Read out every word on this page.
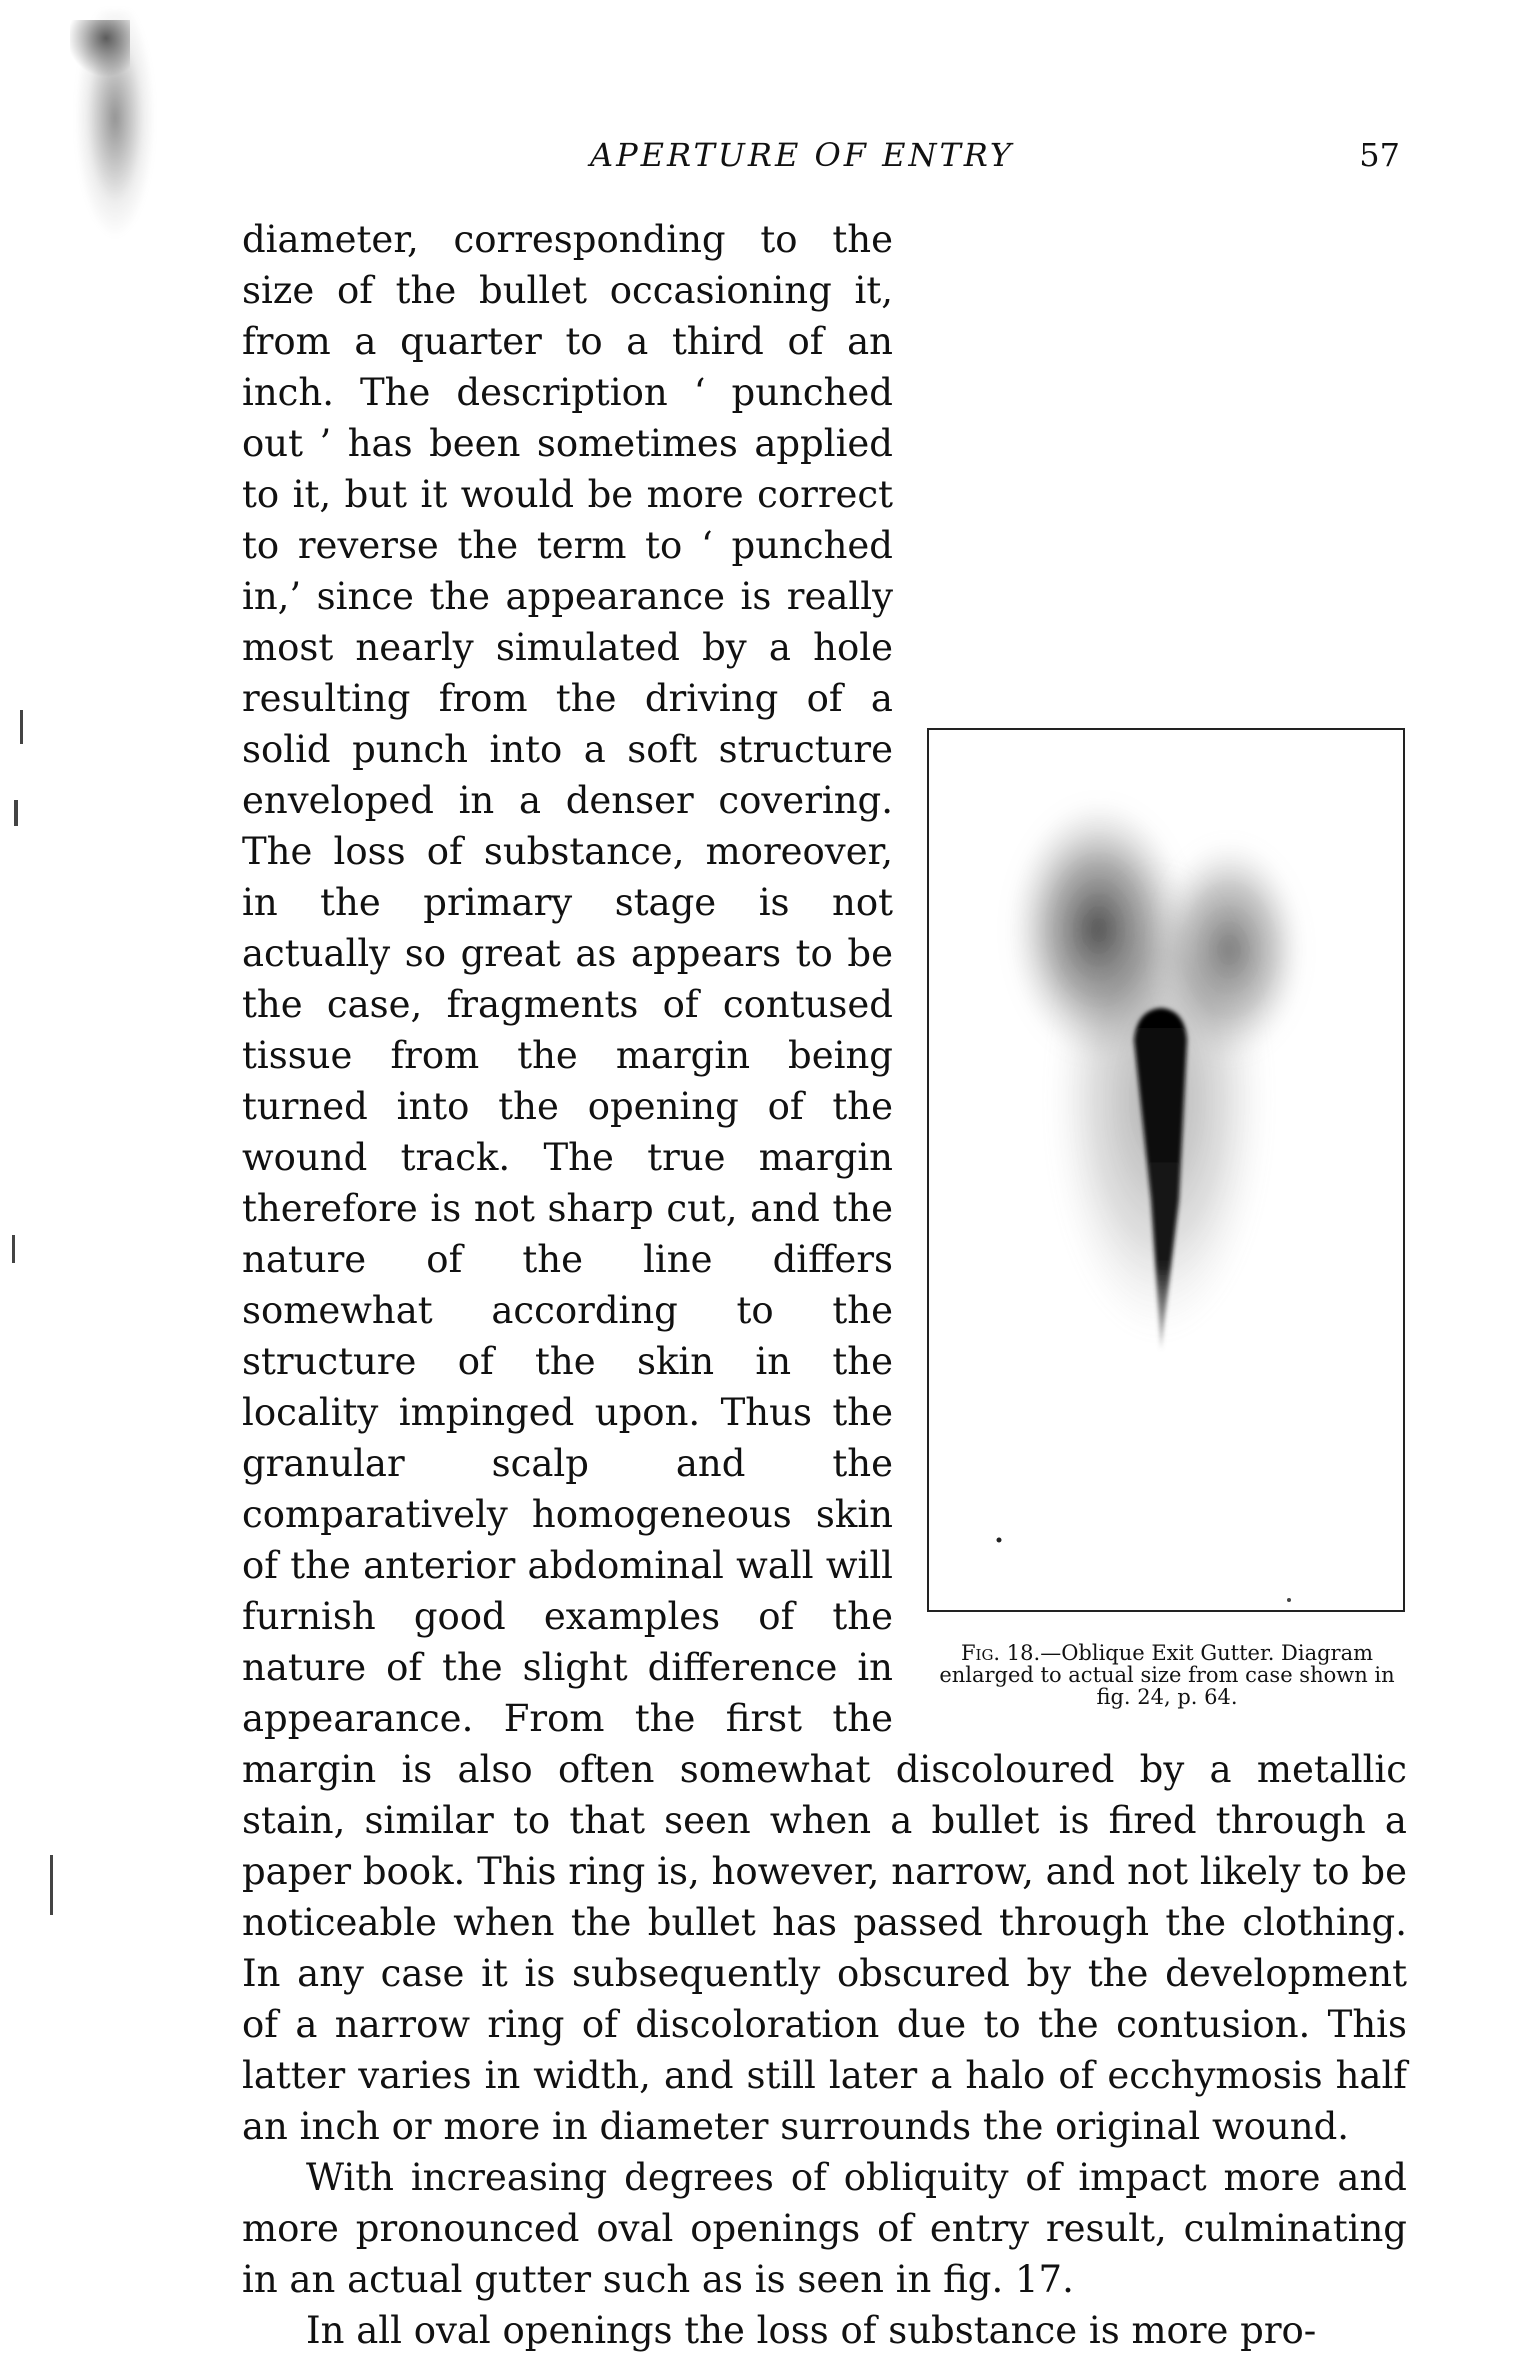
APERTURE OF ENTRY	57
Fig. 18.—Oblique Exit Gutter. Diagram enlarged to actual size from case shown in fig. 24, p. 64.

diameter, corresponding to the size of the bullet occasioning it, from a quarter to a third of an inch. The description ‘ punched out ’ has been sometimes applied to it, but it would be more correct to reverse the term to ‘ punched in,’ since the appearance is really most nearly simulated by a hole resulting from the driving of a solid punch into a soft structure enveloped in a denser covering. The loss of substance, moreover, in the primary stage is not actually so great as appears to be the case, fragments of contused tissue from the margin being turned into the opening of the wound track. The true margin therefore is not sharp cut, and the nature of the line differs somewhat according to the structure of the skin in the locality impinged upon. Thus the granular scalp and the comparatively homogeneous skin of the anterior abdominal wall will furnish good examples of the nature of the slight difference in appearance. From the first the margin is also often somewhat discoloured by a metallic stain, similar to that seen when a bullet is fired through a paper book. This ring is, however, narrow, and not likely to be noticeable when the bullet has passed through the clothing. In any case it is subsequently obscured by the development of a narrow ring of discoloration due to the contusion. This latter varies in width, and still later a halo of ecchymosis half an inch or more in diameter surrounds the original wound.

With increasing degrees of obliquity of impact more and more pronounced oval openings of entry result, culminating in an actual gutter such as is seen in fig. 17.

In all oval openings the loss of substance is more pro-
